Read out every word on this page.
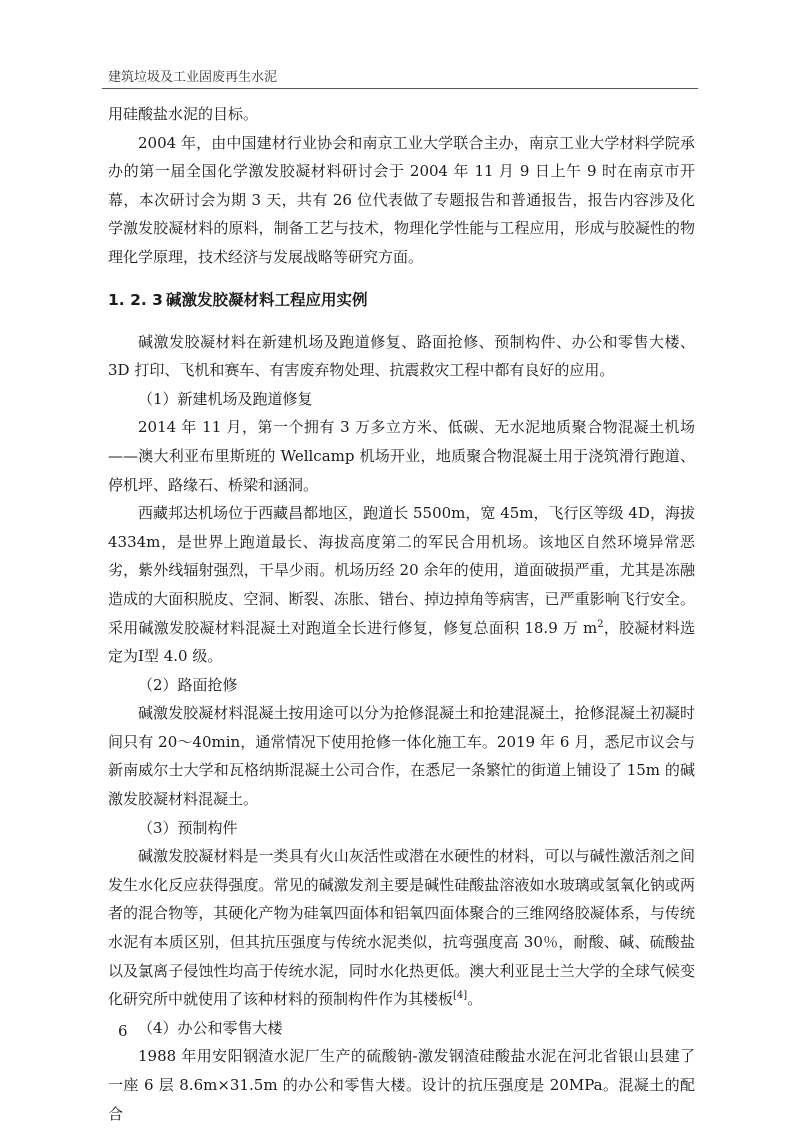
建筑垃圾及工业固废再生水泥

用硅酸盐水泥的目标。

2004 年，由中国建材行业协会和南京工业大学联合主办，南京工业大学材料学院承办的第一届全国化学激发胶凝材料研讨会于 2004 年 11 月 9 日上午 9 时在南京市开幕，本次研讨会为期 3 天，共有 26 位代表做了专题报告和普通报告，报告内容涉及化学激发胶凝材料的原料，制备工艺与技术，物理化学性能与工程应用，形成与胶凝性的物理化学原理，技术经济与发展战略等研究方面。

1. 2. 3 碱激发胶凝材料工程应用实例

碱激发胶凝材料在新建机场及跑道修复、路面抢修、预制构件、办公和零售大楼、3D 打印、飞机和赛车、有害废弃物处理、抗震救灾工程中都有良好的应用。

（1）新建机场及跑道修复

2014 年 11 月，第一个拥有 3 万多立方米、低碳、无水泥地质聚合物混凝土机场——澳大利亚布里斯班的 Wellcamp 机场开业，地质聚合物混凝土用于浇筑滑行跑道、停机坪、路缘石、桥梁和涵洞。

西藏邦达机场位于西藏昌都地区，跑道长 5500m，宽 45m，飞行区等级 4D，海拔 4334m，是世界上跑道最长、海拔高度第二的军民合用机场。该地区自然环境异常恶劣，紫外线辐射强烈，干旱少雨。机场历经 20 余年的使用，道面破损严重，尤其是冻融造成的大面积脱皮、空洞、断裂、冻胀、错台、掉边掉角等病害，已严重影响飞行安全。采用碱激发胶凝材料混凝土对跑道全长进行修复，修复总面积 18.9 万 $m^2$，胶凝材料选定为Ⅰ型 4.0 级。

（2）路面抢修

碱激发胶凝材料混凝土按用途可以分为抢修混凝土和抢建混凝土，抢修混凝土初凝时间只有 20～40min，通常情况下使用抢修一体化施工车。2019 年 6 月，悉尼市议会与新南威尔士大学和瓦格纳斯混凝土公司合作，在悉尼一条繁忙的街道上铺设了 15m 的碱激发胶凝材料混凝土。

（3）预制构件

碱激发胶凝材料是一类具有火山灰活性或潜在水硬性的材料，可以与碱性激活剂之间发生水化反应获得强度。常见的碱激发剂主要是碱性硅酸盐溶液如水玻璃或氢氧化钠或两者的混合物等，其硬化产物为硅氧四面体和铝氧四面体聚合的三维网络胶凝体系，与传统水泥有本质区别，但其抗压强度与传统水泥类似，抗弯强度高 30％，耐酸、碱、硫酸盐以及氯离子侵蚀性均高于传统水泥，同时水化热更低。澳大利亚昆士兰大学的全球气候变化研究所中就使用了该种材料的预制构件作为其楼板[4]。

（4）办公和零售大楼

1988 年用安阳钢渣水泥厂生产的硫酸钠-激发钢渣硅酸盐水泥在河北省银山县建了一座 6 层 8.6m×31.5m 的办公和零售大楼。设计的抗压强度是 20MPa。混凝土的配合

6
